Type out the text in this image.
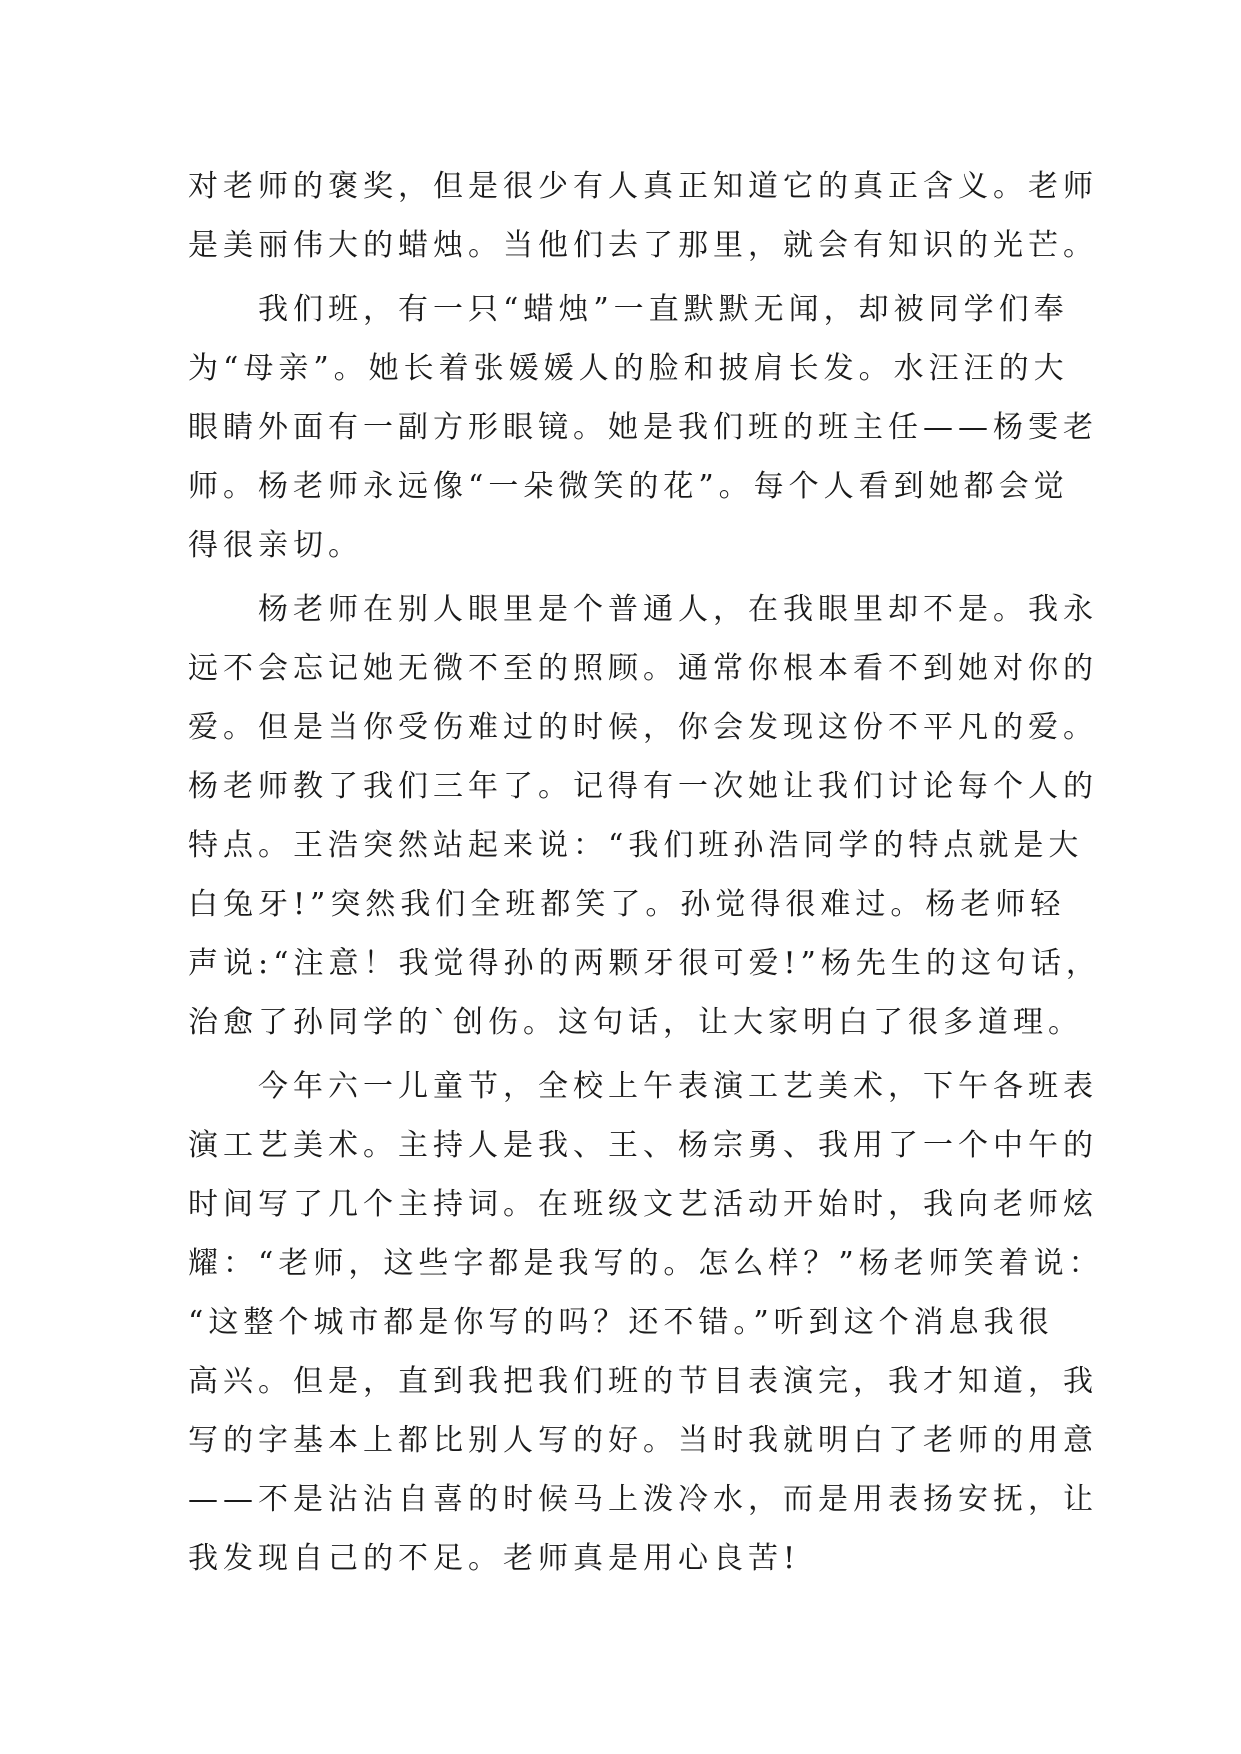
对老师的褒奖，但是很少有人真正知道它的真正含义。老师
是美丽伟大的蜡烛。当他们去了那里，就会有知识的光芒。
　　我们班，有一只“蜡烛”一直默默无闻，却被同学们奉
为“母亲”。她长着张媛媛人的脸和披肩长发。水汪汪的大
眼睛外面有一副方形眼镜。她是我们班的班主任——杨雯老
师。杨老师永远像“一朵微笑的花”。每个人看到她都会觉
得很亲切。
　　杨老师在别人眼里是个普通人，在我眼里却不是。我永
远不会忘记她无微不至的照顾。通常你根本看不到她对你的
爱。但是当你受伤难过的时候，你会发现这份不平凡的爱。
杨老师教了我们三年了。记得有一次她让我们讨论每个人的
特点。王浩突然站起来说：“我们班孙浩同学的特点就是大
白兔牙!”突然我们全班都笑了。孙觉得很难过。杨老师轻
声说:“注意！我觉得孙的两颗牙很可爱!”杨先生的这句话，
治愈了孙同学的`创伤。这句话，让大家明白了很多道理。
　　今年六一儿童节，全校上午表演工艺美术，下午各班表
演工艺美术。主持人是我、王、杨宗勇、我用了一个中午的
时间写了几个主持词。在班级文艺活动开始时，我向老师炫
耀：“老师，这些字都是我写的。怎么样？”杨老师笑着说：
“这整个城市都是你写的吗？还不错。”听到这个消息我很
高兴。但是，直到我把我们班的节目表演完，我才知道，我
写的字基本上都比别人写的好。当时我就明白了老师的用意
——不是沾沾自喜的时候马上泼冷水，而是用表扬安抚，让
我发现自己的不足。老师真是用心良苦!
